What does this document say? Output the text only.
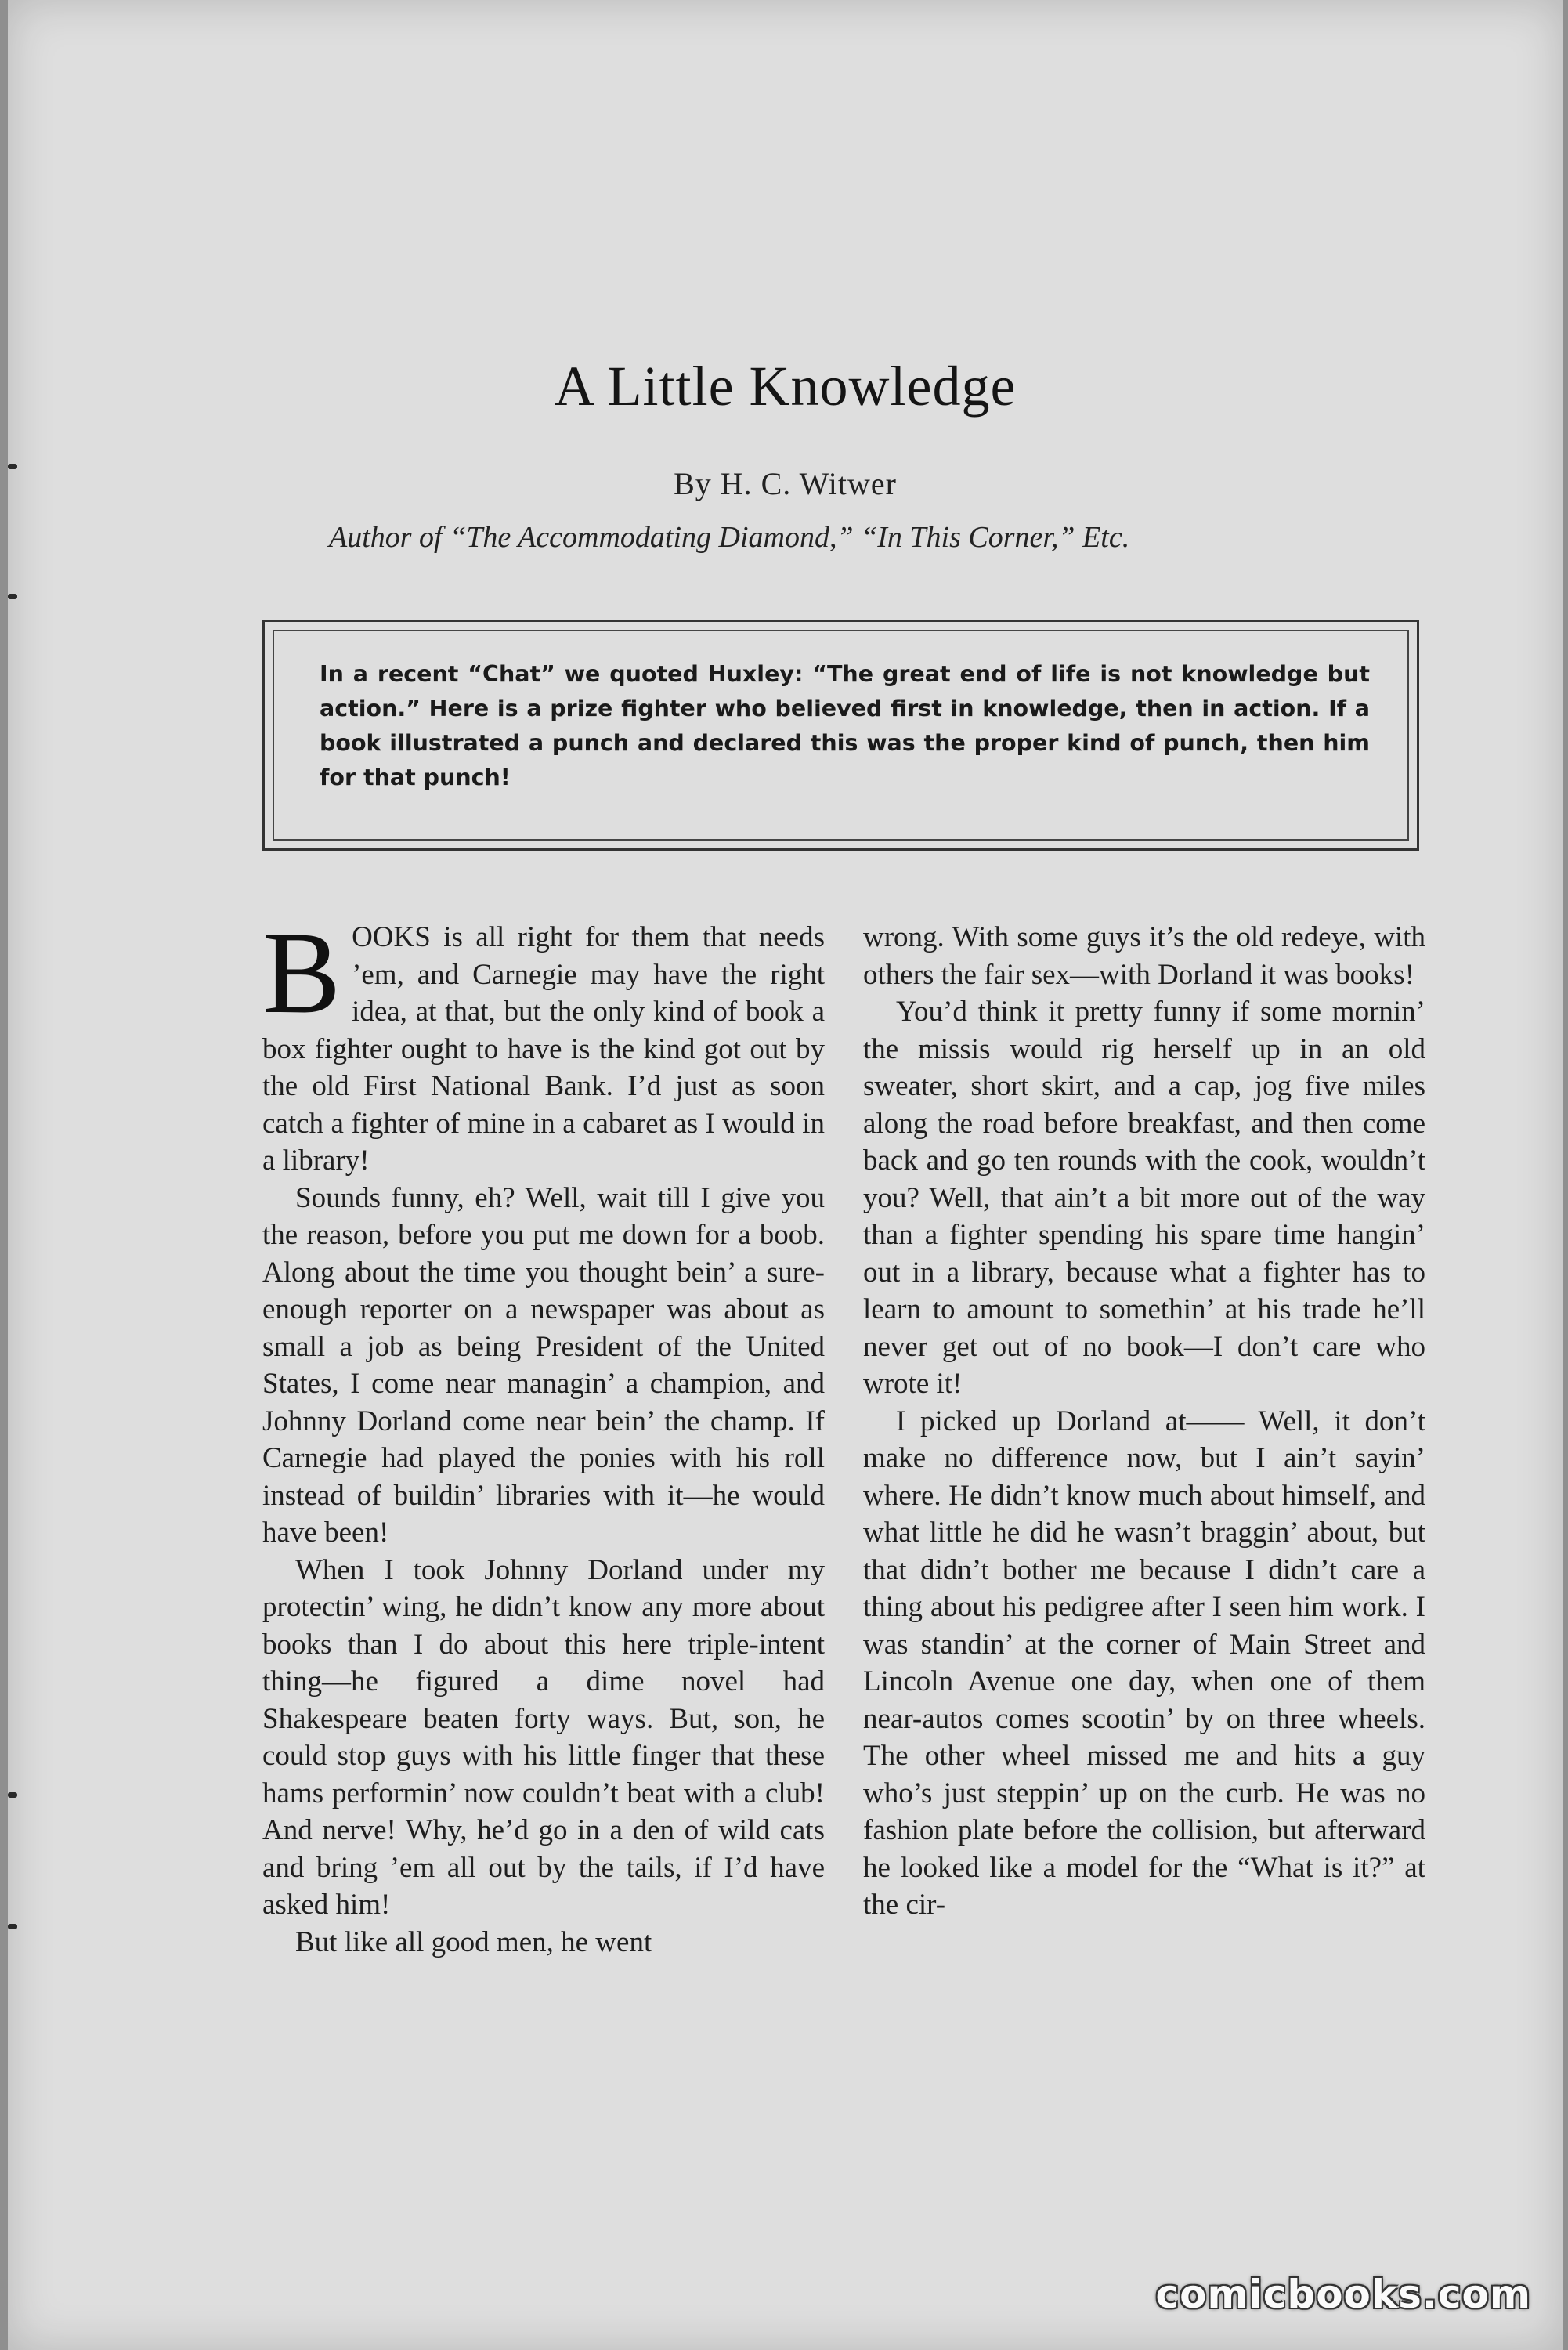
A Little Knowledge
By H. C. Witwer
Author of “The Accommodating Diamond,” “In This Corner,” Etc.

In a recent “Chat” we quoted Huxley: “The great end of life is not knowledge but action.” Here is a prize fighter who believed first in knowledge, then in action. If a book illustrated a punch and declared this was the proper kind of punch, then him for that punch!

BOOKS is all right for them that needs ’em, and Carnegie may have the right idea, at that, but the only kind of book a box fighter ought to have is the kind got out by the old First National Bank. I’d just as soon catch a fighter of mine in a cabaret as I would in a library!

Sounds funny, eh? Well, wait till I give you the reason, before you put me down for a boob. Along about the time you thought bein’ a sure-enough reporter on a newspaper was about as small a job as being President of the United States, I come near managin’ a champion, and Johnny Dorland come near bein’ the champ. If Carnegie had played the ponies with his roll instead of buildin’ libraries with it—he would have been!

When I took Johnny Dorland under my protectin’ wing, he didn’t know any more about books than I do about this here triple-intent thing—he figured a dime novel had Shakespeare beaten forty ways. But, son, he could stop guys with his little finger that these hams performin’ now couldn’t beat with a club! And nerve! Why, he’d go in a den of wild cats and bring ’em all out by the tails, if I’d have asked him!

But like all good men, he went

wrong. With some guys it’s the old redeye, with others the fair sex—with Dorland it was books!

You’d think it pretty funny if some mornin’ the missis would rig herself up in an old sweater, short skirt, and a cap, jog five miles along the road before breakfast, and then come back and go ten rounds with the cook, wouldn’t you? Well, that ain’t a bit more out of the way than a fighter spending his spare time hangin’ out in a library, because what a fighter has to learn to amount to somethin’ at his trade he’ll never get out of no book—I don’t care who wrote it!

I picked up Dorland at—— Well, it don’t make no difference now, but I ain’t sayin’ where. He didn’t know much about himself, and what little he did he wasn’t braggin’ about, but that didn’t bother me because I didn’t care a thing about his pedigree after I seen him work. I was standin’ at the corner of Main Street and Lincoln Avenue one day, when one of them near-autos comes scootin’ by on three wheels. The other wheel missed me and hits a guy who’s just steppin’ up on the curb. He was no fashion plate before the collision, but afterward he looked like a model for the “What is it?” at the cir-

comicbooks.com
